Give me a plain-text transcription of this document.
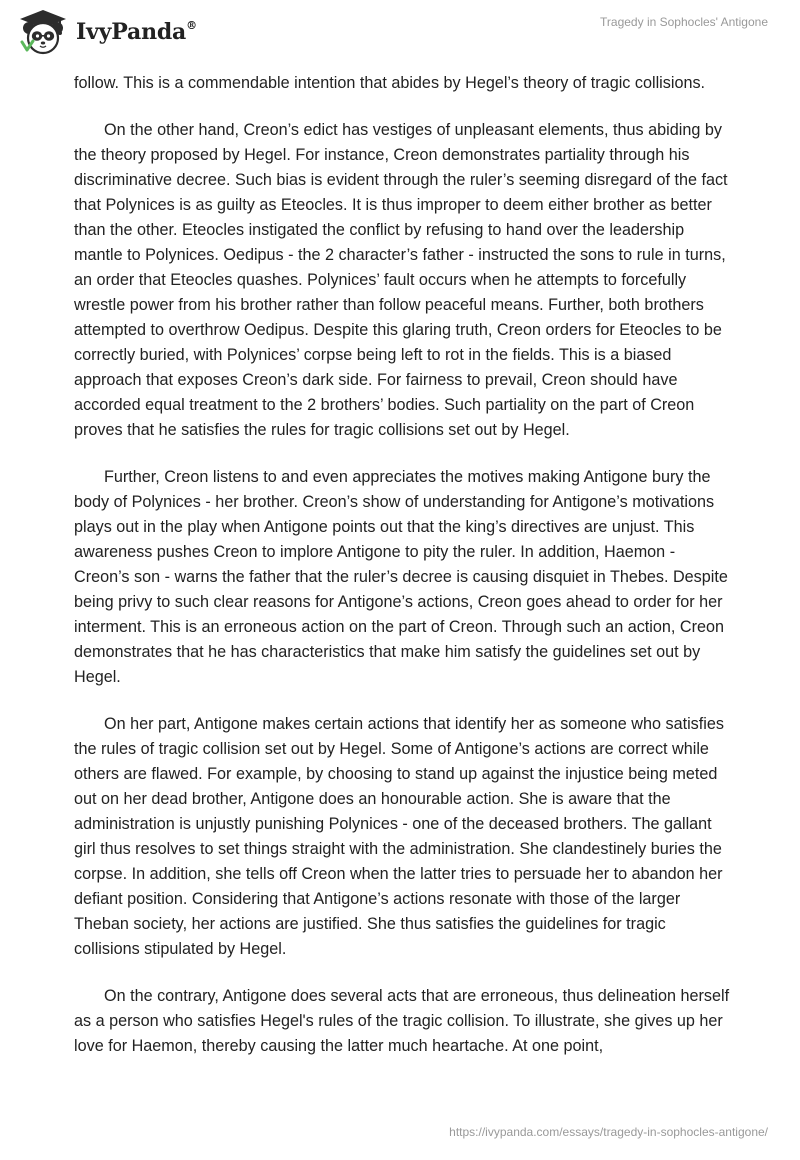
IvyPanda®	Tragedy in Sophocles' Antigone

follow. This is a commendable intention that abides by Hegel’s theory of tragic collisions.

On the other hand, Creon’s edict has vestiges of unpleasant elements, thus abiding by the theory proposed by Hegel. For instance, Creon demonstrates partiality through his discriminative decree. Such bias is evident through the ruler’s seeming disregard of the fact that Polynices is as guilty as Eteocles. It is thus improper to deem either brother as better than the other. Eteocles instigated the conflict by refusing to hand over the leadership mantle to Polynices. Oedipus - the 2 character’s father - instructed the sons to rule in turns, an order that Eteocles quashes. Polynices’ fault occurs when he attempts to forcefully wrestle power from his brother rather than follow peaceful means. Further, both brothers attempted to overthrow Oedipus. Despite this glaring truth, Creon orders for Eteocles to be correctly buried, with Polynices’ corpse being left to rot in the fields. This is a biased approach that exposes Creon’s dark side. For fairness to prevail, Creon should have accorded equal treatment to the 2 brothers’ bodies. Such partiality on the part of Creon proves that he satisfies the rules for tragic collisions set out by Hegel.

Further, Creon listens to and even appreciates the motives making Antigone bury the body of Polynices - her brother. Creon’s show of understanding for Antigone’s motivations plays out in the play when Antigone points out that the king’s directives are unjust. This awareness pushes Creon to implore Antigone to pity the ruler. In addition, Haemon - Creon’s son - warns the father that the ruler’s decree is causing disquiet in Thebes. Despite being privy to such clear reasons for Antigone’s actions, Creon goes ahead to order for her interment. This is an erroneous action on the part of Creon. Through such an action, Creon demonstrates that he has characteristics that make him satisfy the guidelines set out by Hegel.

On her part, Antigone makes certain actions that identify her as someone who satisfies the rules of tragic collision set out by Hegel. Some of Antigone’s actions are correct while others are flawed. For example, by choosing to stand up against the injustice being meted out on her dead brother, Antigone does an honourable action. She is aware that the administration is unjustly punishing Polynices - one of the deceased brothers. The gallant girl thus resolves to set things straight with the administration. She clandestinely buries the corpse. In addition, she tells off Creon when the latter tries to persuade her to abandon her defiant position. Considering that Antigone’s actions resonate with those of the larger Theban society, her actions are justified. She thus satisfies the guidelines for tragic collisions stipulated by Hegel.

On the contrary, Antigone does several acts that are erroneous, thus delineation herself as a person who satisfies Hegel's rules of the tragic collision. To illustrate, she gives up her love for Haemon, thereby causing the latter much heartache. At one point,

https://ivypanda.com/essays/tragedy-in-sophocles-antigone/
